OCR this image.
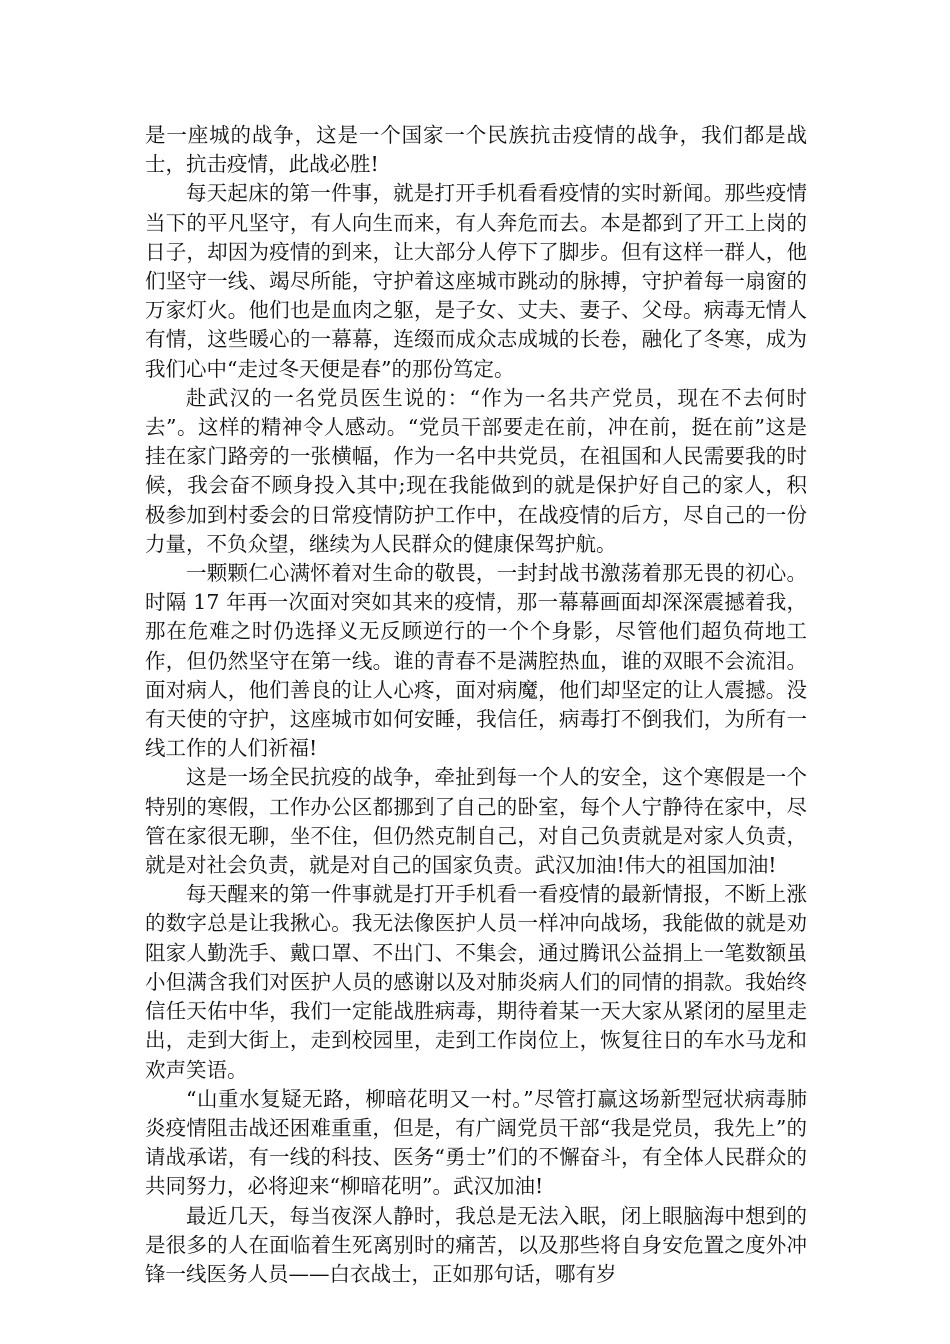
是一座城的战争，这是一个国家一个民族抗击疫情的战争，我们都是战士，抗击疫情，此战必胜!

每天起床的第一件事，就是打开手机看看疫情的实时新闻。那些疫情当下的平凡坚守，有人向生而来，有人奔危而去。本是都到了开工上岗的日子，却因为疫情的到来，让大部分人停下了脚步。但有这样一群人，他们坚守一线、竭尽所能，守护着这座城市跳动的脉搏，守护着每一扇窗的万家灯火。他们也是血肉之躯，是子女、丈夫、妻子、父母。病毒无情人有情，这些暖心的一幕幕，连缀而成众志成城的长卷，融化了冬寒，成为我们心中“走过冬天便是春”的那份笃定。

赴武汉的一名党员医生说的：“作为一名共产党员，现在不去何时去”。这样的精神令人感动。“党员干部要走在前，冲在前，挺在前”这是挂在家门路旁的一张横幅，作为一名中共党员，在祖国和人民需要我的时候，我会奋不顾身投入其中;现在我能做到的就是保护好自己的家人，积极参加到村委会的日常疫情防护工作中，在战疫情的后方，尽自己的一份力量，不负众望，继续为人民群众的健康保驾护航。

一颗颗仁心满怀着对生命的敬畏，一封封战书激荡着那无畏的初心。时隔 17 年再一次面对突如其来的疫情，那一幕幕画面却深深震撼着我，那在危难之时仍选择义无反顾逆行的一个个身影，尽管他们超负荷地工作，但仍然坚守在第一线。谁的青春不是满腔热血，谁的双眼不会流泪。面对病人，他们善良的让人心疼，面对病魔，他们却坚定的让人震撼。没有天使的守护，这座城市如何安睡，我信任，病毒打不倒我们，为所有一线工作的人们祈福!

这是一场全民抗疫的战争，牵扯到每一个人的安全，这个寒假是一个特别的寒假，工作办公区都挪到了自己的卧室，每个人宁静待在家中，尽管在家很无聊，坐不住，但仍然克制自己，对自己负责就是对家人负责，就是对社会负责，就是对自己的国家负责。武汉加油!伟大的祖国加油!

每天醒来的第一件事就是打开手机看一看疫情的最新情报，不断上涨的数字总是让我揪心。我无法像医护人员一样冲向战场，我能做的就是劝阻家人勤洗手、戴口罩、不出门、不集会，通过腾讯公益捐上一笔数额虽小但满含我们对医护人员的感谢以及对肺炎病人们的同情的捐款。我始终信任天佑中华，我们一定能战胜病毒，期待着某一天大家从紧闭的屋里走出，走到大街上，走到校园里，走到工作岗位上，恢复往日的车水马龙和欢声笑语。

“山重水复疑无路，柳暗花明又一村。”尽管打赢这场新型冠状病毒肺炎疫情阻击战还困难重重，但是，有广阔党员干部“我是党员，我先上”的请战承诺，有一线的科技、医务“勇士”们的不懈奋斗，有全体人民群众的共同努力，必将迎来“柳暗花明”。武汉加油!

最近几天，每当夜深人静时，我总是无法入眠，闭上眼脑海中想到的是很多的人在面临着生死离别时的痛苦，以及那些将自身安危置之度外冲锋一线医务人员——白衣战士，正如那句话，哪有岁
